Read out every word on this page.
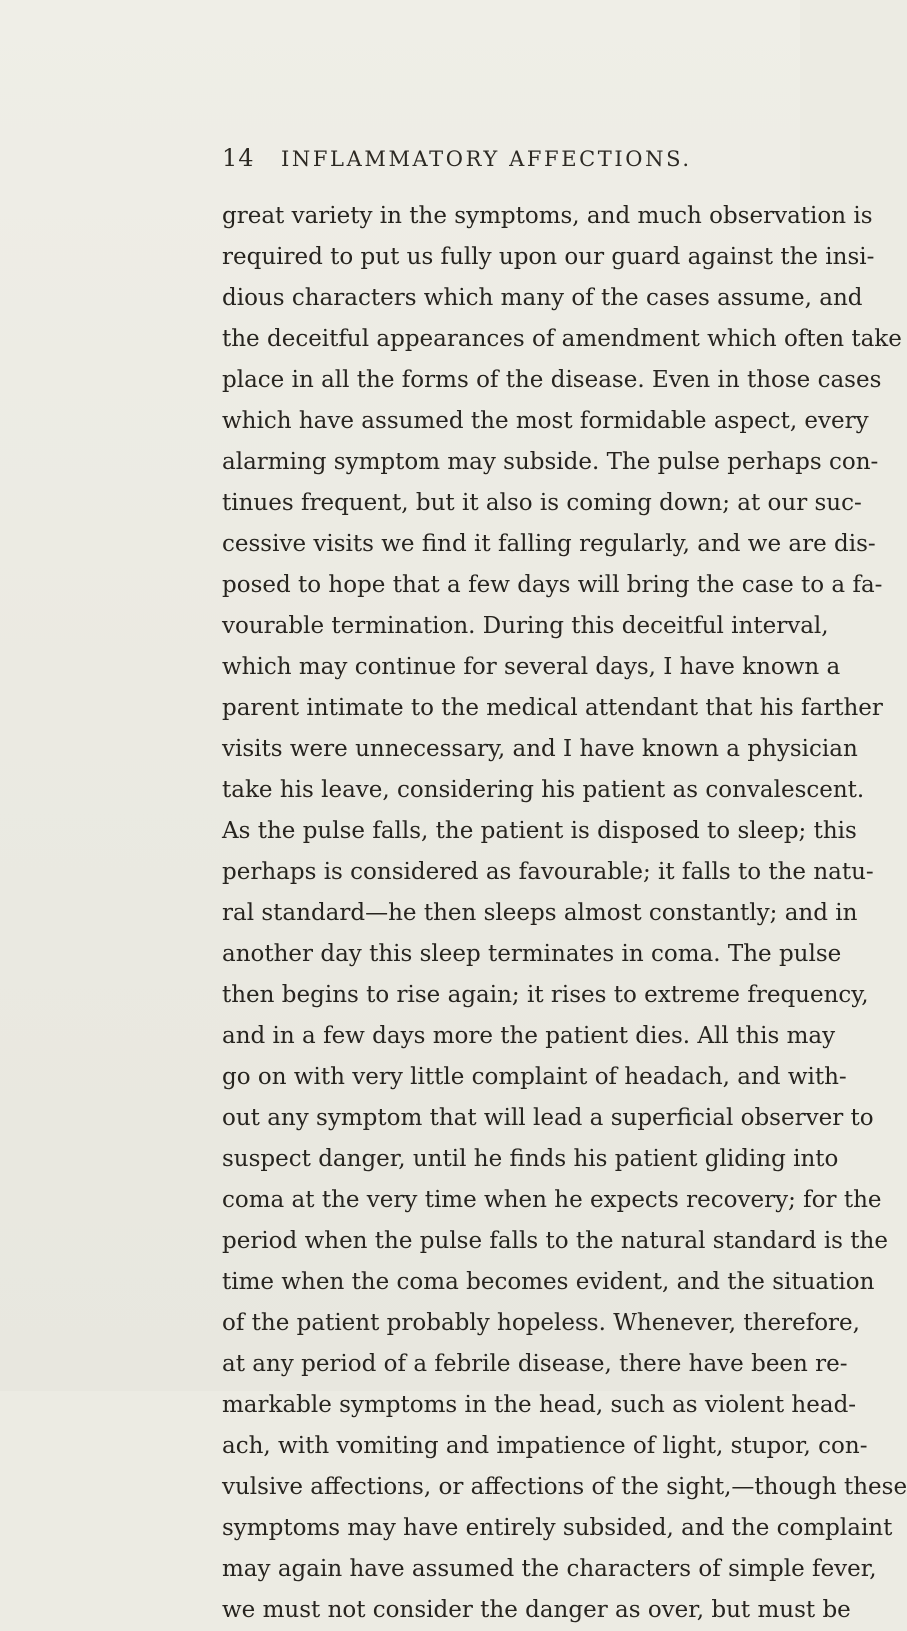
14 INFLAMMATORY AFFECTIONS.
great variety in the symptoms, and much observation is
required to put us fully upon our guard against the insi-
dious characters which many of the cases assume, and
the deceitful appearances of amendment which often take
place in all the forms of the disease. Even in those cases
which have assumed the most formidable aspect, every
alarming symptom may subside. The pulse perhaps con-
tinues frequent, but it also is coming down; at our suc-
cessive visits we find it falling regularly, and we are dis-
posed to hope that a few days will bring the case to a fa-
vourable termination. During this deceitful interval,
which may continue for several days, I have known a
parent intimate to the medical attendant that his farther
visits were unnecessary, and I have known a physician
take his leave, considering his patient as convalescent.
As the pulse falls, the patient is disposed to sleep; this
perhaps is considered as favourable; it falls to the natu-
ral standard—he then sleeps almost constantly; and in
another day this sleep terminates in coma. The pulse
then begins to rise again; it rises to extreme frequency,
and in a few days more the patient dies. All this may
go on with very little complaint of headach, and with-
out any symptom that will lead a superficial observer to
suspect danger, until he finds his patient gliding into
coma at the very time when he expects recovery; for the
period when the pulse falls to the natural standard is the
time when the coma becomes evident, and the situation
of the patient probably hopeless. Whenever, therefore,
at any period of a febrile disease, there have been re-
markable symptoms in the head, such as violent head-
ach, with vomiting and impatience of light, stupor, con-
vulsive affections, or affections of the sight,—though these
symptoms may have entirely subsided, and the complaint
may again have assumed the characters of simple fever,
we must not consider the danger as over, but must be
